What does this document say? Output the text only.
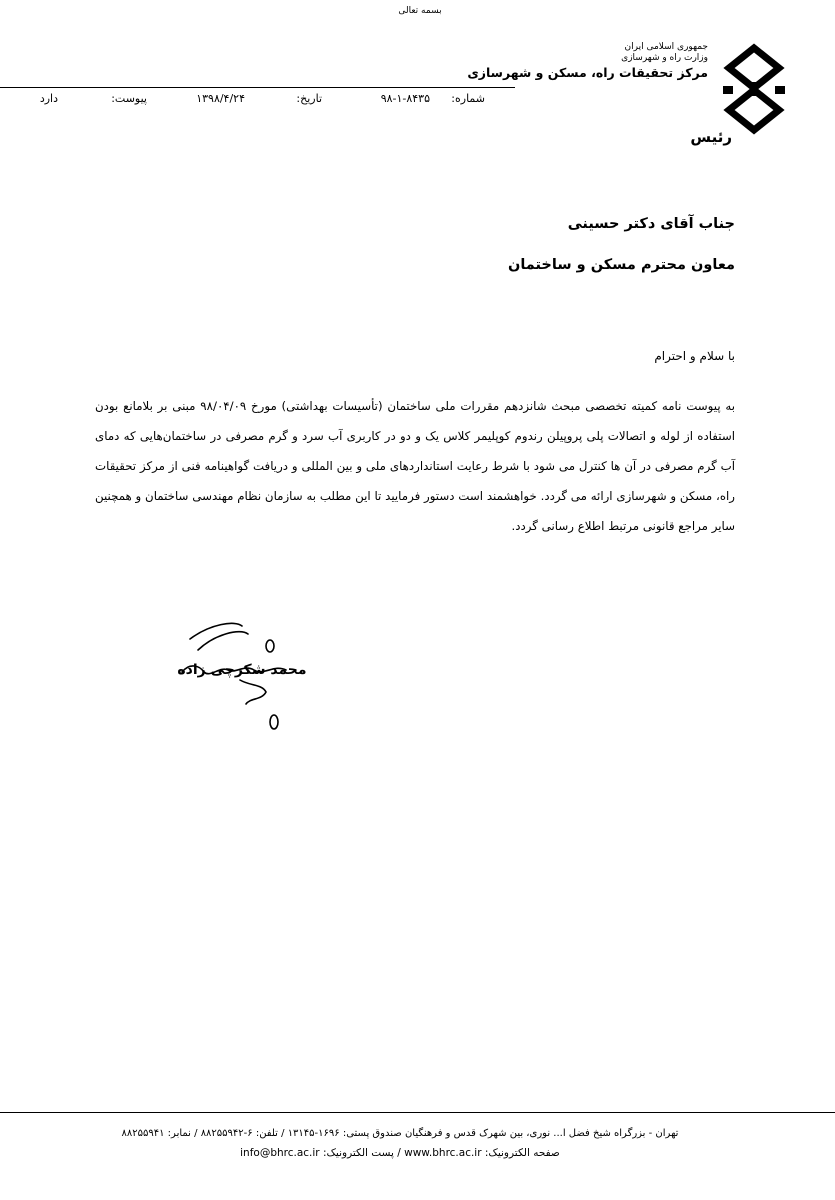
بسمه تعالی
جمهوری اسلامی ایران
وزارت راه و شهرسازی
مرکز تحقیقات راه، مسکن و شهرسازی
شماره:
۹۸-۱-۸۴۳۵
تاریخ:
۱۳۹۸/۴/۲۴
پیوست:
دارد
رئیس
جناب آقای دکتر حسینی
معاون محترم مسکن و ساختمان
با سلام و احترام
به پیوست نامه کمیته تخصصی مبحث شانزدهم مقررات ملی ساختمان (تأسیسات بهداشتی) مورخ ۹۸/۰۴/۰۹ مبنی بر بلامانع بودن استفاده از لوله و اتصالات پلی پروپیلن رندوم کوپلیمر کلاس یک و دو در کاربری آب سرد و گرم مصرفی در ساختمان‌هایی که دمای آب گرم مصرفی در آن ها کنترل می شود با شرط رعایت استانداردهای ملی و بین المللی و دریافت گواهینامه فنی از مرکز تحقیقات راه، مسکن و شهرسازی ارائه می گردد. خواهشمند است دستور فرمایید تا این مطلب به سازمان نظام مهندسی ساختمان و همچنین سایر مراجع قانونی مرتبط اطلاع رسانی گردد.
محمد شکرچی زاده
تهران - بزرگراه شیخ فضل ا... نوری، بین شهرک قدس و فرهنگیان صندوق پستی: ۱۶۹۶-۱۳۱۴۵ / تلفن: ۶-۸۸۲۵۵۹۴۲ / نمابر: ۸۸۲۵۵۹۴۱
صفحه الکترونیک: www.bhrc.ac.ir / پست الکترونیک: info@bhrc.ac.ir
